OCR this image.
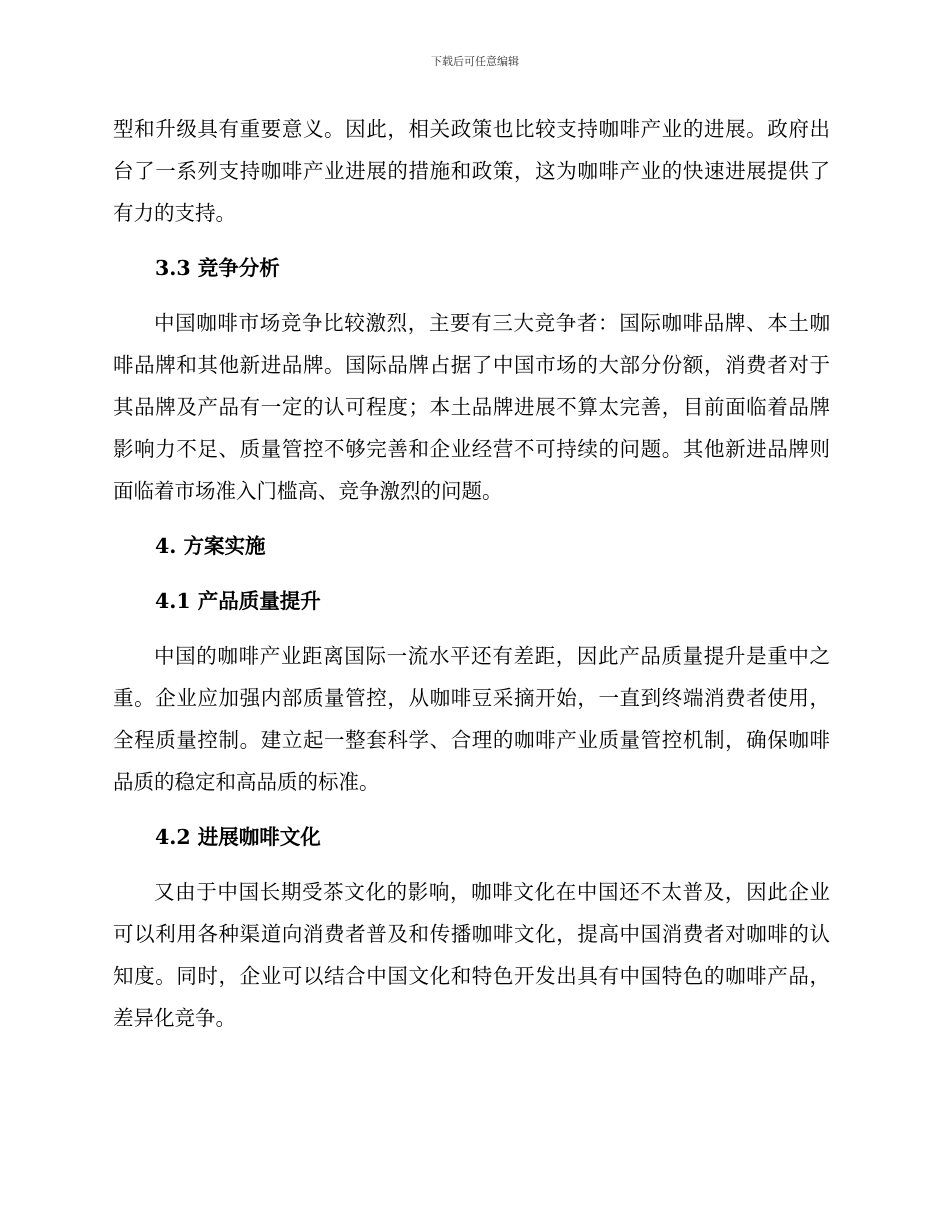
下载后可任意编辑

型和升级具有重要意义。因此，相关政策也比较支持咖啡产业的进展。政府出台了一系列支持咖啡产业进展的措施和政策，这为咖啡产业的快速进展提供了有力的支持。

3.3 竞争分析

中国咖啡市场竞争比较激烈，主要有三大竞争者：国际咖啡品牌、本土咖啡品牌和其他新进品牌。国际品牌占据了中国市场的大部分份额，消费者对于其品牌及产品有一定的认可程度；本土品牌进展不算太完善，目前面临着品牌影响力不足、质量管控不够完善和企业经营不可持续的问题。其他新进品牌则面临着市场准入门槛高、竞争激烈的问题。

4. 方案实施
4.1 产品质量提升

中国的咖啡产业距离国际一流水平还有差距，因此产品质量提升是重中之重。企业应加强内部质量管控，从咖啡豆采摘开始，一直到终端消费者使用，全程质量控制。建立起一整套科学、合理的咖啡产业质量管控机制，确保咖啡品质的稳定和高品质的标准。

4.2 进展咖啡文化

又由于中国长期受茶文化的影响，咖啡文化在中国还不太普及，因此企业可以利用各种渠道向消费者普及和传播咖啡文化，提高中国消费者对咖啡的认知度。同时，企业可以结合中国文化和特色开发出具有中国特色的咖啡产品，差异化竞争。
